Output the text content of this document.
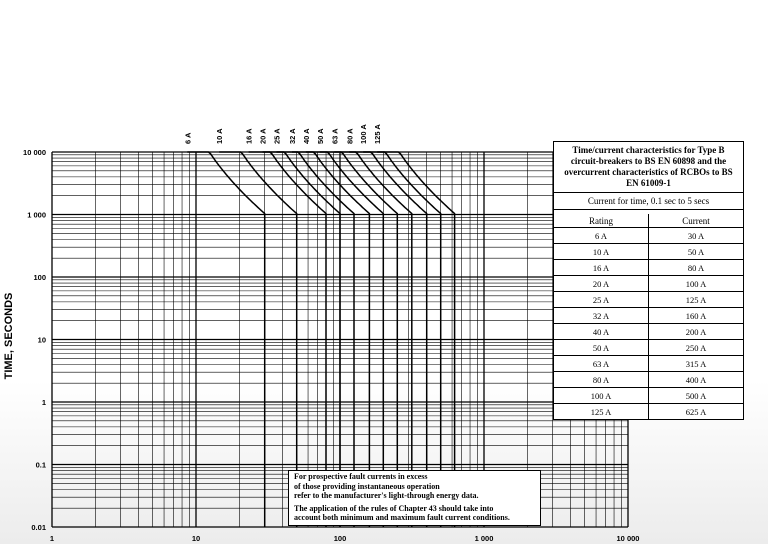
1	10	100	1 000	10 000
10 000
1 000
100
10
1
0.1
0.01
6 A	10 A	16 A 20 A 25 A 32 A 40 A 50 A 63 A 80 A 100 A 125 A
TIME, SECONDS
Time/current characteristics for Type B circuit-breakers to BS EN 60898 and the overcurrent characteristics of RCBOs to BS EN 61009-1
Current for time, 0.1 sec to 5 secs
Rating	Current
6 A	30 A
10 A	50 A
16 A	80 A
20 A	100 A
25 A	125 A
32 A	160 A
40 A	200 A
50 A	250 A
63 A	315 A
80 A	400 A
100 A	500 A
125 A	625 A

For prospective fault currents in excess
of those providing instantaneous operation
refer to the manufacturer's light-through energy data.

The application of the rules of Chapter 43 should take into
account both minimum and maximum fault current conditions.
